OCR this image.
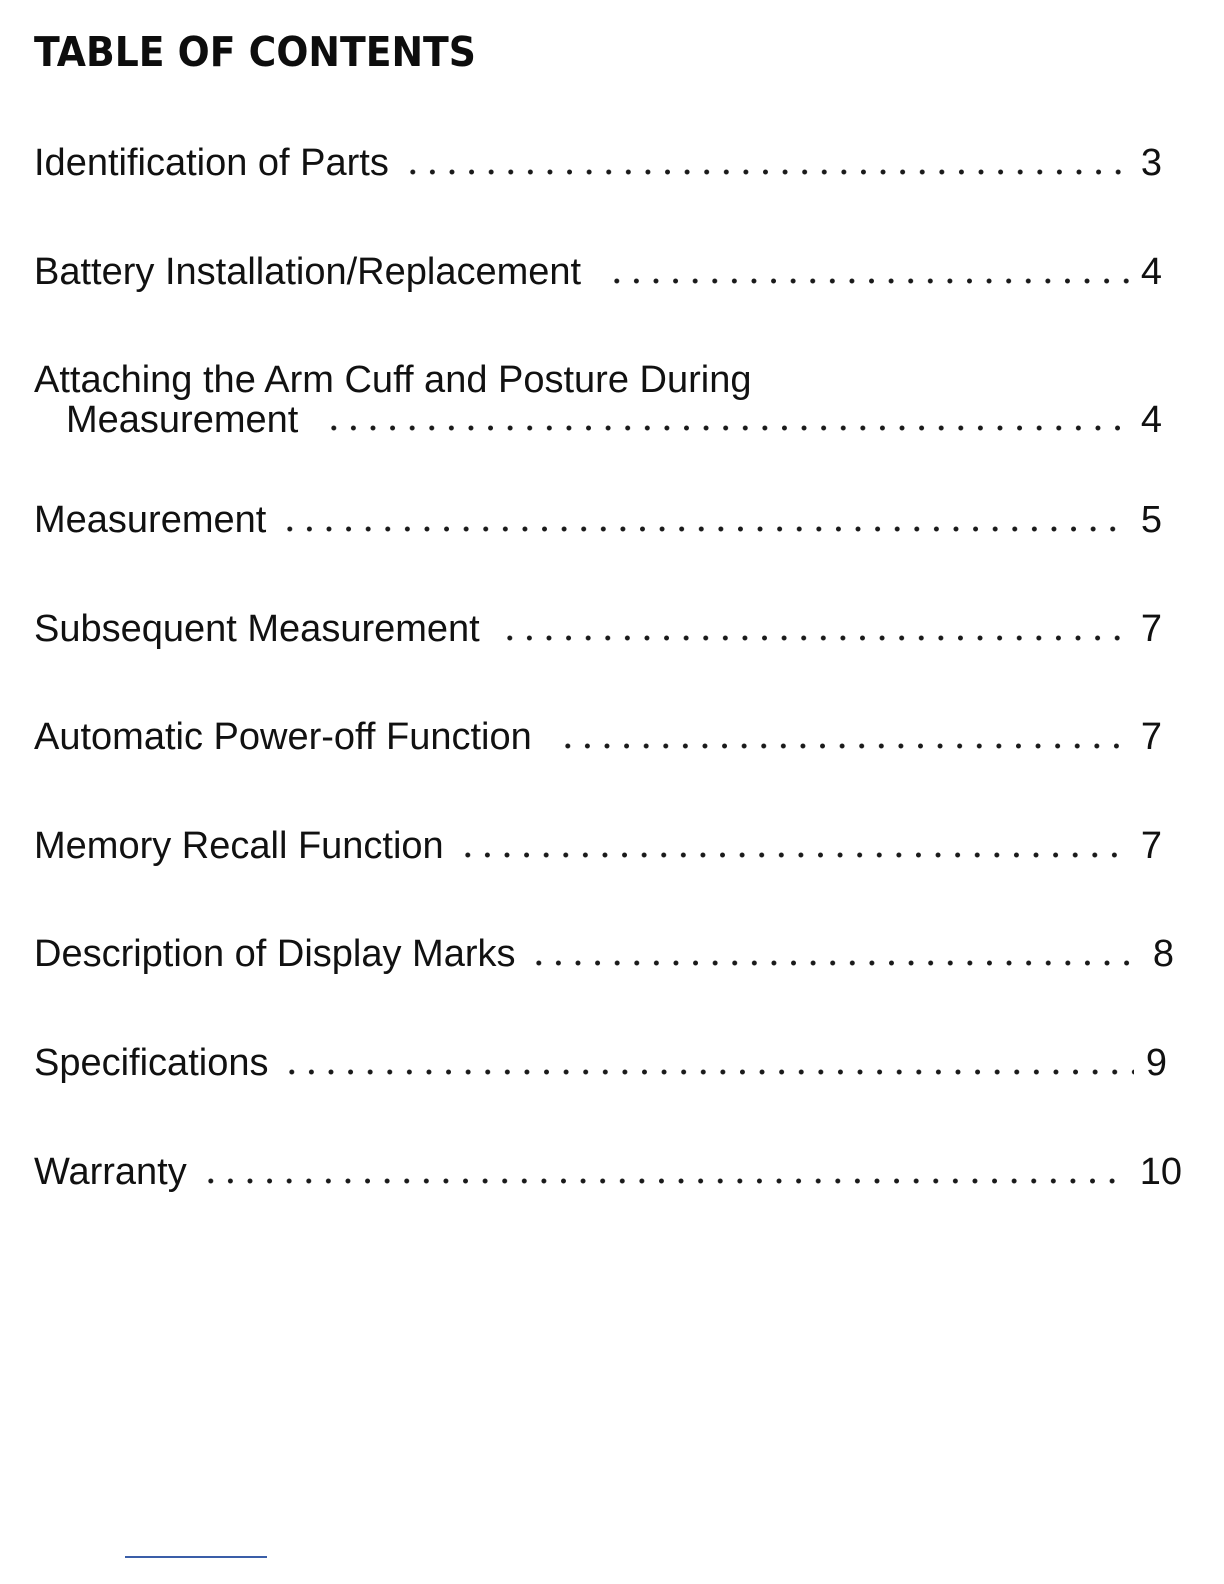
TABLE OF CONTENTS
Identification of Parts	3
Battery Installation/Replacement	4
Attaching the Arm Cuff and Posture During
Measurement	4
Measurement	5
Subsequent Measurement	7
Automatic Power-off Function	7
Memory Recall Function	7
Description of Display Marks	8
Specifications	9
Warranty	10
